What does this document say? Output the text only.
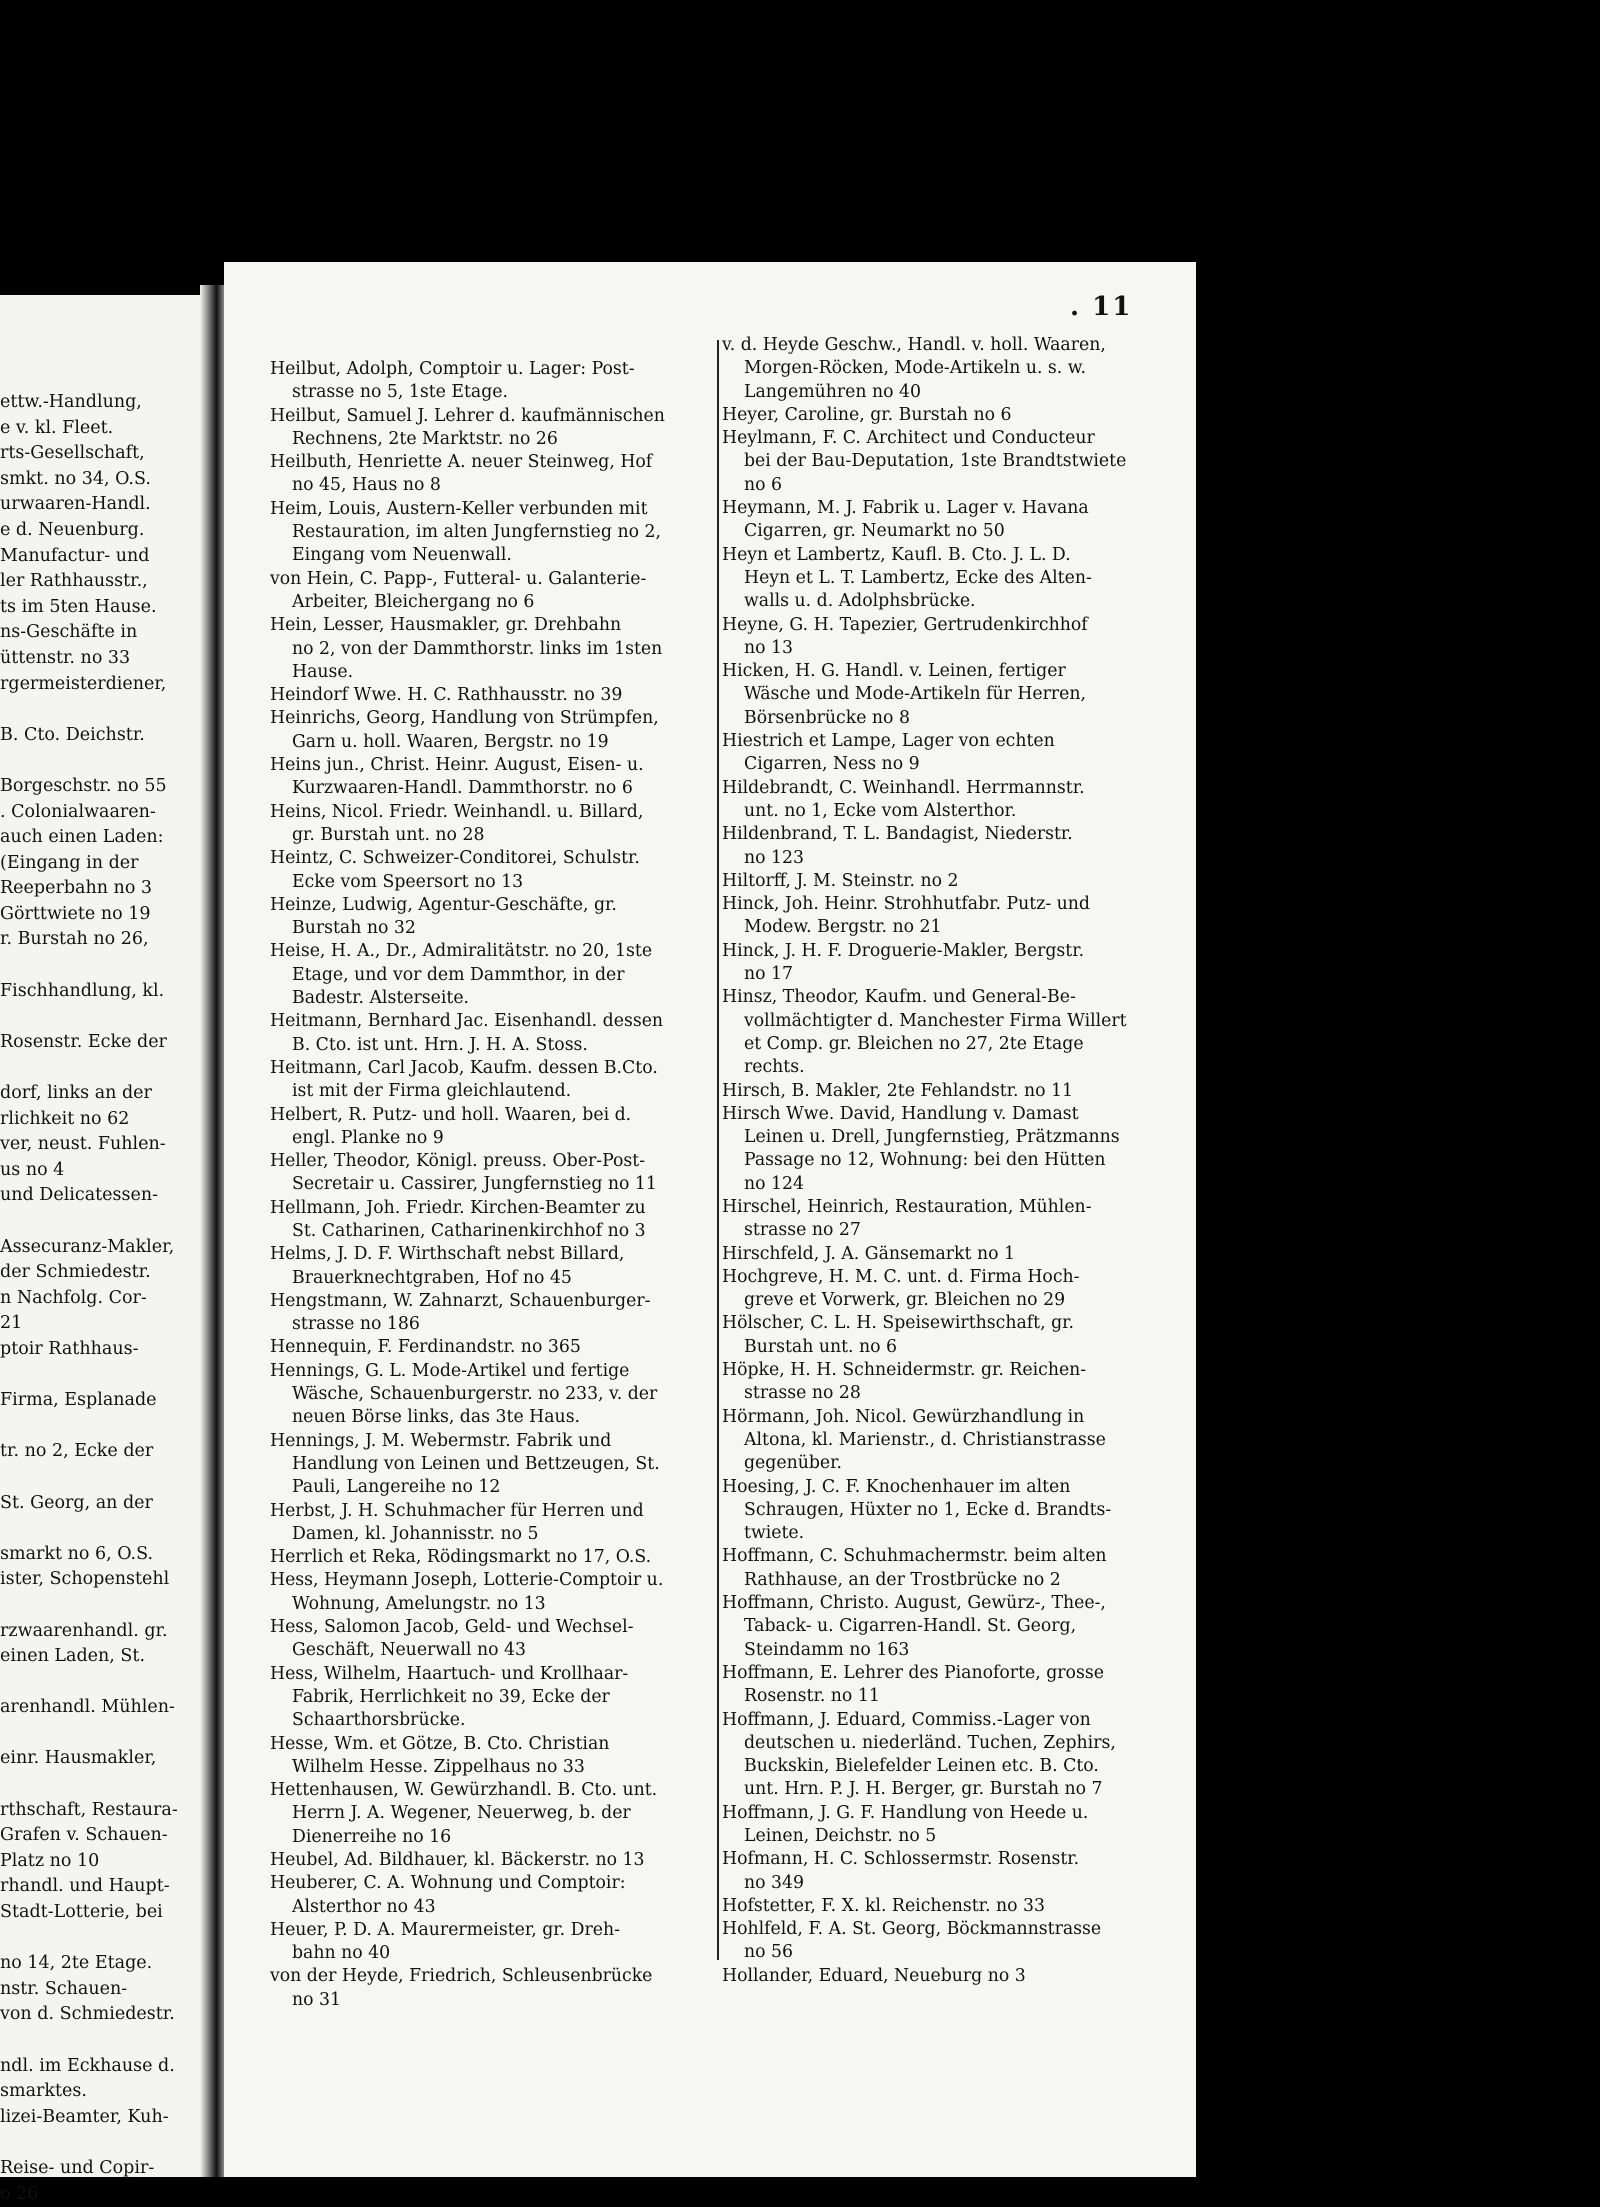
ettw.-Handlung,
e v. kl. Fleet.
rts-Gesellschaft,
smkt. no 34, O.S.
urwaaren-Handl.
e d. Neuenburg.
Manufactur- und
ler Rathhausstr.,
ts im 5ten Hause.
ns-Geschäfte in
üttenstr. no 33
rgermeisterdiener,
B. Cto. Deichstr.
Borgeschstr. no 55
. Colonialwaaren-
auch einen Laden:
(Eingang in der
Reeperbahn no 3
Görttwiete no 19
r. Burstah no 26,
Fischhandlung, kl.
Rosenstr. Ecke der
dorf, links an der
rlichkeit no 62
ver, neust. Fuhlen-
us no 4
und Delicatessen-
Assecuranz-Makler,
der Schmiedestr.
n Nachfolg. Cor-
21
ptoir Rathhaus-
Firma, Esplanade
tr. no 2, Ecke der
St. Georg, an der
smarkt no 6, O.S.
ister, Schopenstehl
rzwaarenhandl. gr.
einen Laden, St.
arenhandl. Mühlen-
einr. Hausmakler,
rthschaft, Restaura-
Grafen v. Schauen-
Platz no 10
rhandl. und Haupt-
Stadt-Lotterie, bei
no 14, 2te Etage.
nstr. Schauen-
von d. Schmiedestr.
ndl. im Eckhause d.
smarktes.
lizei-Beamter, Kuh-
Reise- und Copir-
o 26
. 11
Heilbut, Adolph, Comptoir u. Lager: Post-
strasse no 5, 1ste Etage.
Heilbut, Samuel J. Lehrer d. kaufmännischen
Rechnens, 2te Marktstr. no 26
Heilbuth, Henriette A. neuer Steinweg, Hof
no 45, Haus no 8
Heim, Louis, Austern-Keller verbunden mit
Restauration, im alten Jungfernstieg no 2,
Eingang vom Neuenwall.
von Hein, C. Papp-, Futteral- u. Galanterie-
Arbeiter, Bleichergang no 6
Hein, Lesser, Hausmakler, gr. Drehbahn
no 2, von der Dammthorstr. links im 1sten
Hause.
Heindorf Wwe. H. C. Rathhausstr. no 39
Heinrichs, Georg, Handlung von Strümpfen,
Garn u. holl. Waaren, Bergstr. no 19
Heins jun., Christ. Heinr. August, Eisen- u.
Kurzwaaren-Handl. Dammthorstr. no 6
Heins, Nicol. Friedr. Weinhandl. u. Billard,
gr. Burstah unt. no 28
Heintz, C. Schweizer-Conditorei, Schulstr.
Ecke vom Speersort no 13
Heinze, Ludwig, Agentur-Geschäfte, gr.
Burstah no 32
Heise, H. A., Dr., Admiralitätstr. no 20, 1ste
Etage, und vor dem Dammthor, in der
Badestr. Alsterseite.
Heitmann, Bernhard Jac. Eisenhandl. dessen
B. Cto. ist unt. Hrn. J. H. A. Stoss.
Heitmann, Carl Jacob, Kaufm. dessen B.Cto.
ist mit der Firma gleichlautend.
Helbert, R. Putz- und holl. Waaren, bei d.
engl. Planke no 9
Heller, Theodor, Königl. preuss. Ober-Post-
Secretair u. Cassirer, Jungfernstieg no 11
Hellmann, Joh. Friedr. Kirchen-Beamter zu
St. Catharinen, Catharinenkirchhof no 3
Helms, J. D. F. Wirthschaft nebst Billard,
Brauerknechtgraben, Hof no 45
Hengstmann, W. Zahnarzt, Schauenburger-
strasse no 186
Hennequin, F. Ferdinandstr. no 365
Hennings, G. L. Mode-Artikel und fertige
Wäsche, Schauenburgerstr. no 233, v. der
neuen Börse links, das 3te Haus.
Hennings, J. M. Webermstr. Fabrik und
Handlung von Leinen und Bettzeugen, St.
Pauli, Langereihe no 12
Herbst, J. H. Schuhmacher für Herren und
Damen, kl. Johannisstr. no 5
Herrlich et Reka, Rödingsmarkt no 17, O.S.
Hess, Heymann Joseph, Lotterie-Comptoir u.
Wohnung, Amelungstr. no 13
Hess, Salomon Jacob, Geld- und Wechsel-
Geschäft, Neuerwall no 43
Hess, Wilhelm, Haartuch- und Krollhaar-
Fabrik, Herrlichkeit no 39, Ecke der
Schaarthorsbrücke.
Hesse, Wm. et Götze, B. Cto. Christian
Wilhelm Hesse. Zippelhaus no 33
Hettenhausen, W. Gewürzhandl. B. Cto. unt.
Herrn J. A. Wegener, Neuerweg, b. der
Dienerreihe no 16
Heubel, Ad. Bildhauer, kl. Bäckerstr. no 13
Heuberer, C. A. Wohnung und Comptoir:
Alsterthor no 43
Heuer, P. D. A. Maurermeister, gr. Dreh-
bahn no 40
von der Heyde, Friedrich, Schleusenbrücke
no 31
v. d. Heyde Geschw., Handl. v. holl. Waaren,
Morgen-Röcken, Mode-Artikeln u. s. w.
Langemühren no 40
Heyer, Caroline, gr. Burstah no 6
Heylmann, F. C. Architect und Conducteur
bei der Bau-Deputation, 1ste Brandtstwiete
no 6
Heymann, M. J. Fabrik u. Lager v. Havana
Cigarren, gr. Neumarkt no 50
Heyn et Lambertz, Kaufl. B. Cto. J. L. D.
Heyn et L. T. Lambertz, Ecke des Alten-
walls u. d. Adolphsbrücke.
Heyne, G. H. Tapezier, Gertrudenkirchhof
no 13
Hicken, H. G. Handl. v. Leinen, fertiger
Wäsche und Mode-Artikeln für Herren,
Börsenbrücke no 8
Hiestrich et Lampe, Lager von echten
Cigarren, Ness no 9
Hildebrandt, C. Weinhandl. Herrmannstr.
unt. no 1, Ecke vom Alsterthor.
Hildenbrand, T. L. Bandagist, Niederstr.
no 123
Hiltorff, J. M. Steinstr. no 2
Hinck, Joh. Heinr. Strohhutfabr. Putz- und
Modew. Bergstr. no 21
Hinck, J. H. F. Droguerie-Makler, Bergstr.
no 17
Hinsz, Theodor, Kaufm. und General-Be-
vollmächtigter d. Manchester Firma Willert
et Comp. gr. Bleichen no 27, 2te Etage
rechts.
Hirsch, B. Makler, 2te Fehlandstr. no 11
Hirsch Wwe. David, Handlung v. Damast
Leinen u. Drell, Jungfernstieg, Prätzmanns
Passage no 12, Wohnung: bei den Hütten
no 124
Hirschel, Heinrich, Restauration, Mühlen-
strasse no 27
Hirschfeld, J. A. Gänsemarkt no 1
Hochgreve, H. M. C. unt. d. Firma Hoch-
greve et Vorwerk, gr. Bleichen no 29
Hölscher, C. L. H. Speisewirthschaft, gr.
Burstah unt. no 6
Höpke, H. H. Schneidermstr. gr. Reichen-
strasse no 28
Hörmann, Joh. Nicol. Gewürzhandlung in
Altona, kl. Marienstr., d. Christianstrasse
gegenüber.
Hoesing, J. C. F. Knochenhauer im alten
Schraugen, Hüxter no 1, Ecke d. Brandts-
twiete.
Hoffmann, C. Schuhmachermstr. beim alten
Rathhause, an der Trostbrücke no 2
Hoffmann, Christo. August, Gewürz-, Thee-,
Taback- u. Cigarren-Handl. St. Georg,
Steindamm no 163
Hoffmann, E. Lehrer des Pianoforte, grosse
Rosenstr. no 11
Hoffmann, J. Eduard, Commiss.-Lager von
deutschen u. niederländ. Tuchen, Zephirs,
Buckskin, Bielefelder Leinen etc. B. Cto.
unt. Hrn. P. J. H. Berger, gr. Burstah no 7
Hoffmann, J. G. F. Handlung von Heede u.
Leinen, Deichstr. no 5
Hofmann, H. C. Schlossermstr. Rosenstr.
no 349
Hofstetter, F. X. kl. Reichenstr. no 33
Hohlfeld, F. A. St. Georg, Böckmannstrasse
no 56
Hollander, Eduard, Neueburg no 3
